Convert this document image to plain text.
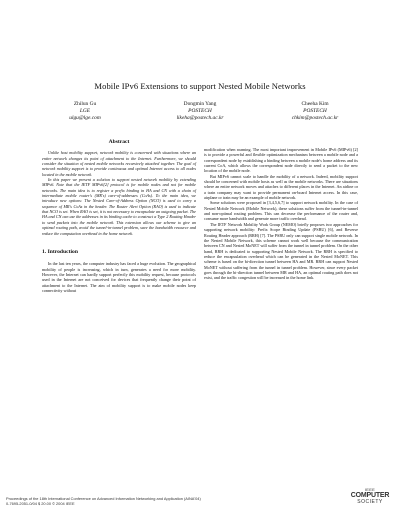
Mobile IPv6 Extensions to support Nested Mobile Networks
Zhilun Gu
LGE
ulgu@lge.com
Dongmin Yang
POSTECH
likeha@postech.ac.kr
Cheeha Kim
POSTECH
chkim@postech.ac.kr
Abstract

Unlike host mobility support, network mobility is concerned with situations where an entire network changes its point of attachment to the Internet. Furthermore, we should consider the situation of nested mobile networks recursively attached together. The goal of network mobility support is to provide continuous and optimal Internet access to all nodes located in the mobile network.

In this paper we present a solution to support nested network mobility by extending MIPv6. Note that the IETF MIPv6[2] protocol is for mobile nodes and not for mobile networks. The main idea is to register a prefix binding in HA and CN with a chain of intermediate mobile router's (MR's) care-of-addresses (CoAs). To the main idea, we introduce new options: The Nested Care-of-Address Option (NCO) is used to carry a sequence of MR's CoAs in the header. The Router Alert Option (RAO) is used to indicate that NCO is set. When RAO is set, it is not necessary to encapsulate an outgoing packet. The HA and CN can use the addresses in its binding cache to construct a Type 2 Routing Header to send packets into the mobile network. This extension allows our scheme to give an optimal routing path, avoid the tunnel-in-tunnel problem, save the bandwidth resource and reduce the computation overhead in the home network.

1. Introduction

In the last ten years, the computer industry has faced a huge evolution. The geographical mobility of people is increasing, which in turn, generates a need for more mobility. However, the Internet can hardly support perfectly this mobility request, because protocols used in the Internet are not conceived for devices that frequently change their point of attachment to the Internet. The aim of mobility support is to make mobile nodes keep connectivity without

modification when roaming. The most important improvement in Mobile IPv6 (MIPv6) [2] is to provide a powerful and flexible optimization mechanism between a mobile node and a correspondent node by establishing a binding between a mobile node's home address and its current CoA, which allows the correspondent node directly to send a packet to the new location of the mobile node.

But MIPv6 cannot scale to handle the mobility of a network. Indeed, mobility support should be concerned with mobile hosts as well as the mobile networks. There are situations where an entire network moves and attaches to different places in the Internet. An airline or a train company may want to provide permanent on-board Internet access. In this case, airplane or train may be an example of mobile network.

Some solutions were proposed in [3,4,5,6,7] to support network mobility. In the case of Nested Mobile Network (Mobile Network), these solutions suffer from the tunnel-in-tunnel and non-optimal routing problem. This can decrease the performance of the router and, consume more bandwidth and generate more traffic overhead.

The IETF Network Mobility Work Group (NEMO) briefly proposes two approaches for supporting network mobility: Prefix Scope Binding Update (PSBU) [6], and Reverse Routing Header approach (RRH) [7]. The PSBU only can support single mobile network. In the Nested Mobile Network, this scheme cannot work well because the communication between CN and Nested MoNET will suffer from the tunnel in tunnel problem. On the other hand, RRH is dedicated to supporting Nested Mobile Network. The RRH is specified to reduce the encapsulation overhead which can be generated in the Nested MoNET. This scheme is based on the bi-direction tunnel between HA and MR. RRH can support Nested MoNET without suffering from the tunnel in tunnel problem. However, since every packet goes through the bi-direction tunnel between MR and HA, an optimal routing path does not exist, and the traffic congestion will be increased in the home link.

Proceedings of the 18th International Conference on Advanced Information Networking and Application (AINA'04)
0-7695-2051-0/04 $ 20.00 © 2004 IEEE
IEEE
COMPUTER
SOCIETY
